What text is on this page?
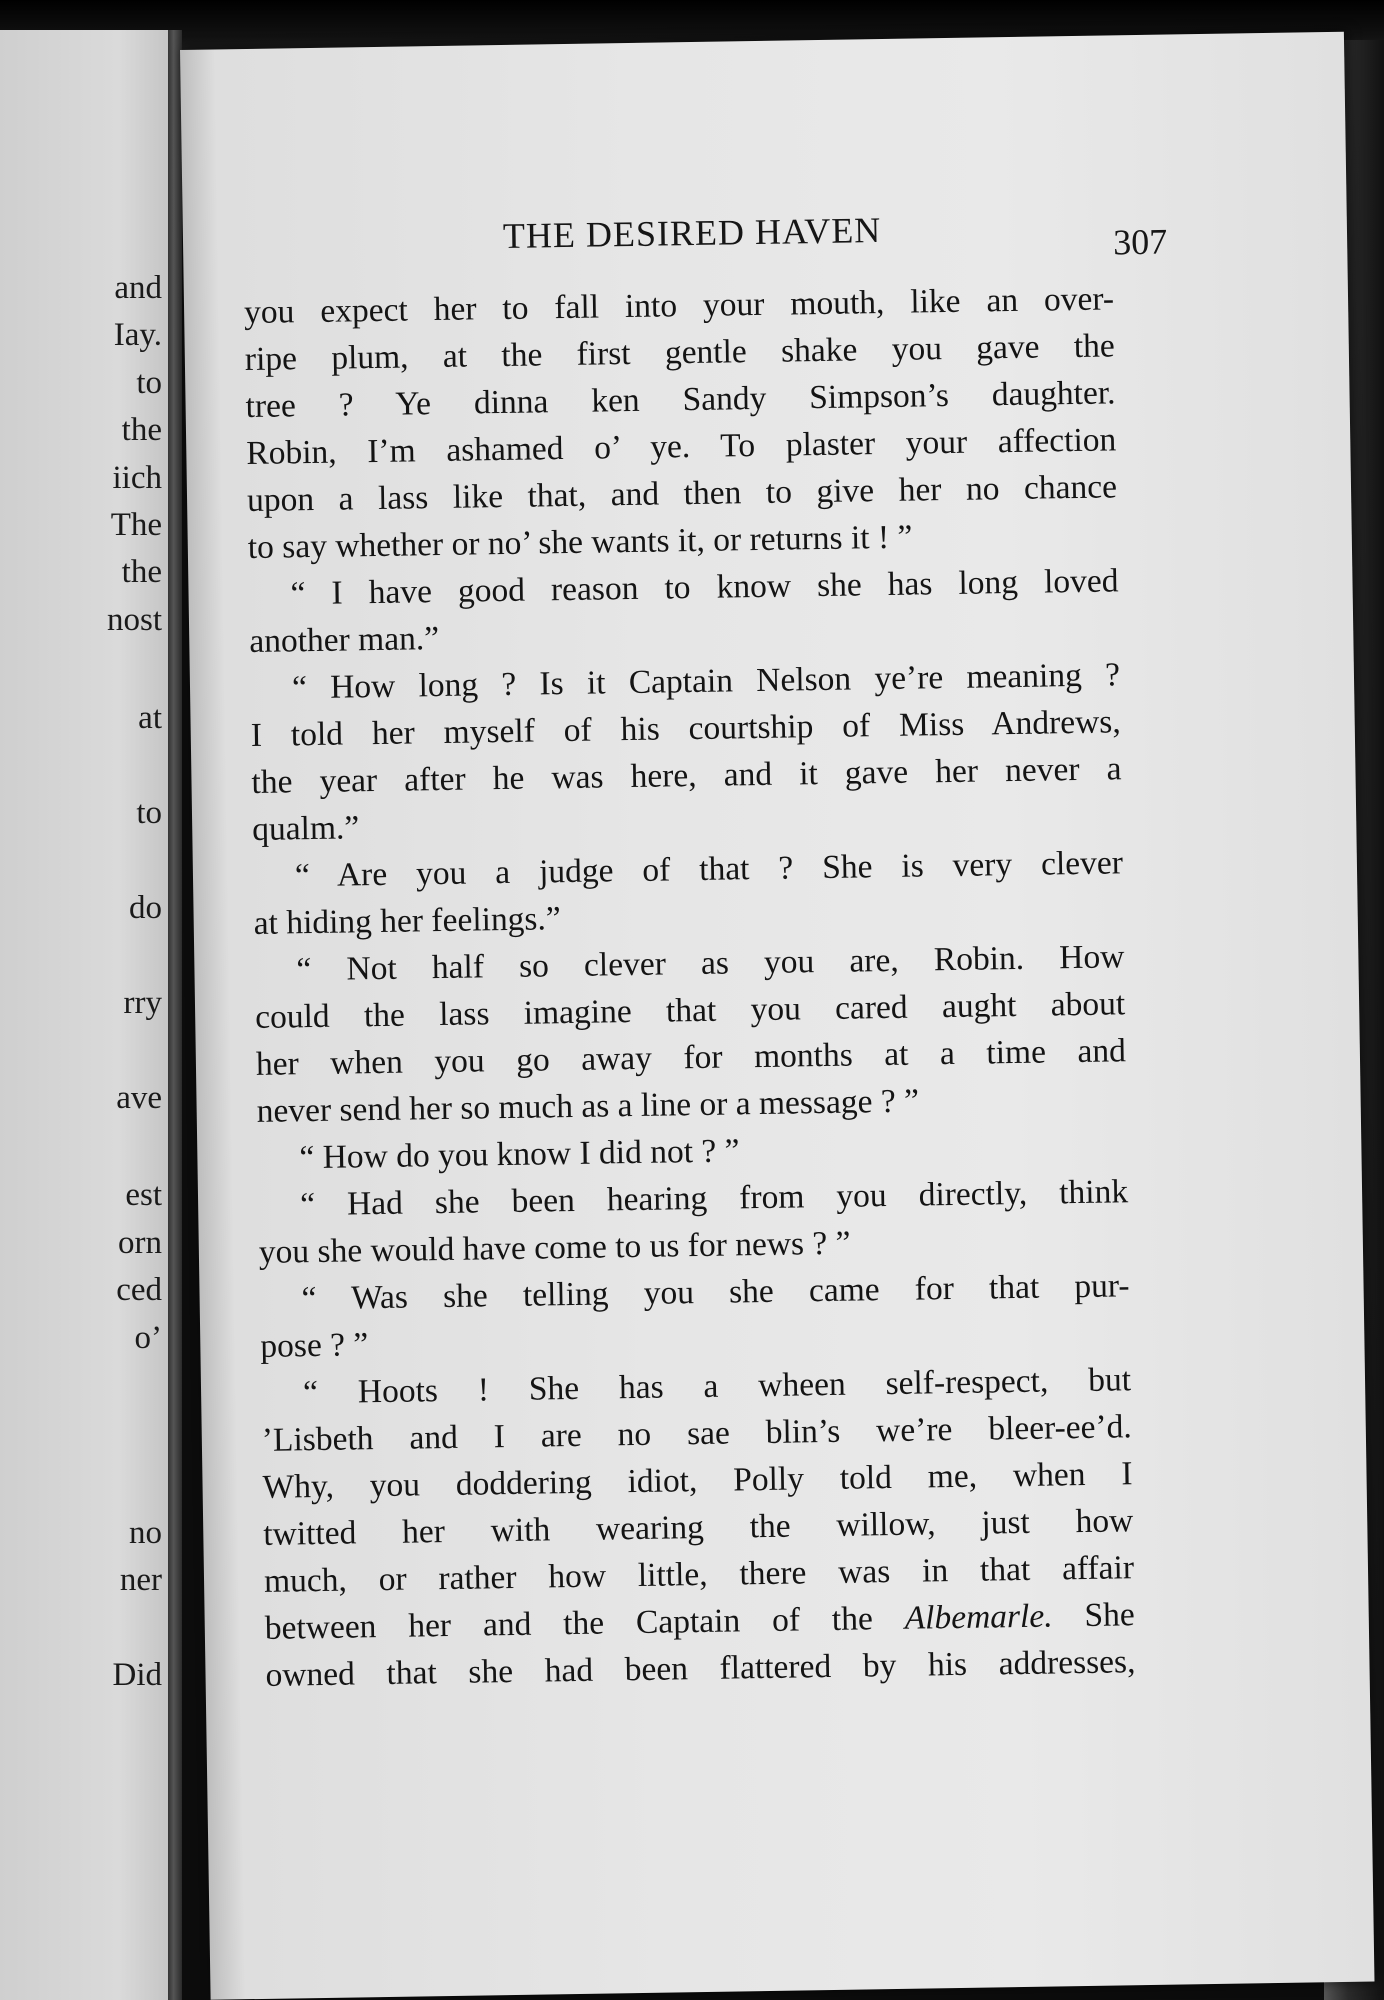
and
Iay.
to
the
iich
The
the
nost
at
to
do
rry
ave
est
orn
ced
o’
no
ner
Did
THE DESIRED HAVEN	307
you expect her to fall into your mouth, like an over-
ripe plum, at the first gentle shake you gave the
tree ? Ye dinna ken Sandy Simpson’s daughter.
Robin, I’m ashamed o’ ye. To plaster your affection
upon a lass like that, and then to give her no chance
to say whether or no’ she wants it, or returns it ! ”
“ I have good reason to know she has long loved
another man.”
“ How long ? Is it Captain Nelson ye’re meaning ?
I told her myself of his courtship of Miss Andrews,
the year after he was here, and it gave her never a
qualm.”
“ Are you a judge of that ? She is very clever
at hiding her feelings.”
“ Not half so clever as you are, Robin. How
could the lass imagine that you cared aught about
her when you go away for months at a time and
never send her so much as a line or a message ? ”
“ How do you know I did not ? ”
“ Had she been hearing from you directly, think
you she would have come to us for news ? ”
“ Was she telling you she came for that pur-
pose ? ”
“ Hoots ! She has a wheen self-respect, but
’Lisbeth and I are no sae blin’s we’re bleer-ee’d.
Why, you doddering idiot, Polly told me, when I
twitted her with wearing the willow, just how
much, or rather how little, there was in that affair
between her and the Captain of the Albemarle. She
owned that she had been flattered by his addresses,
